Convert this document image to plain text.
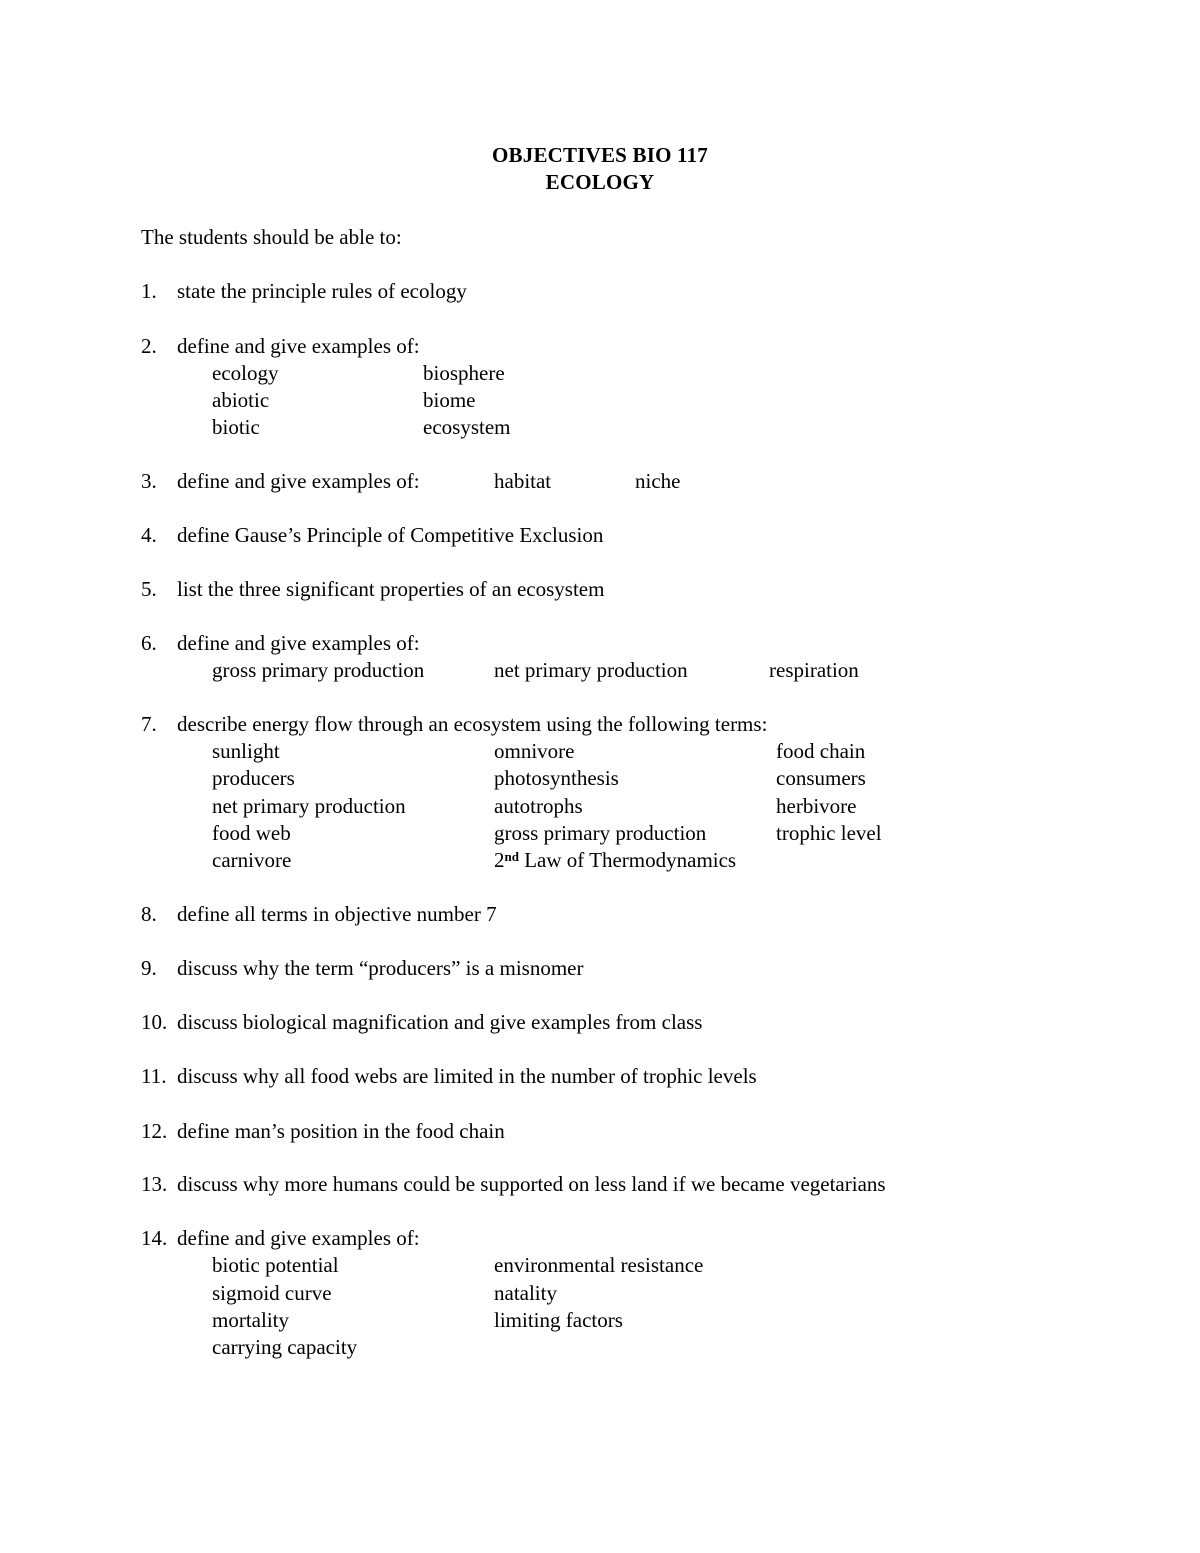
OBJECTIVES BIO 117
ECOLOGY
The students should be able to:
1. state the principle rules of ecology
2. define and give examples of:
ecology	biosphere
abiotic	biome
biotic	ecosystem
3. define and give examples of:	habitat	niche
4. define Gause’s Principle of Competitive Exclusion
5. list the three significant properties of an ecosystem
6. define and give examples of:
gross primary production	net primary production	respiration
7. describe energy flow through an ecosystem using the following terms:
sunlight	omnivore	food chain
producers	photosynthesis	consumers
net primary production	autotrophs	herbivore
food web	gross primary production	trophic level
carnivore	2nd Law of Thermodynamics
8. define all terms in objective number 7
9. discuss why the term “producers” is a misnomer
10. discuss biological magnification and give examples from class
11. discuss why all food webs are limited in the number of trophic levels
12. define man’s position in the food chain
13. discuss why more humans could be supported on less land if we became vegetarians
14. define and give examples of:
biotic potential	environmental resistance
sigmoid curve	natality
mortality	limiting factors
carrying capacity
